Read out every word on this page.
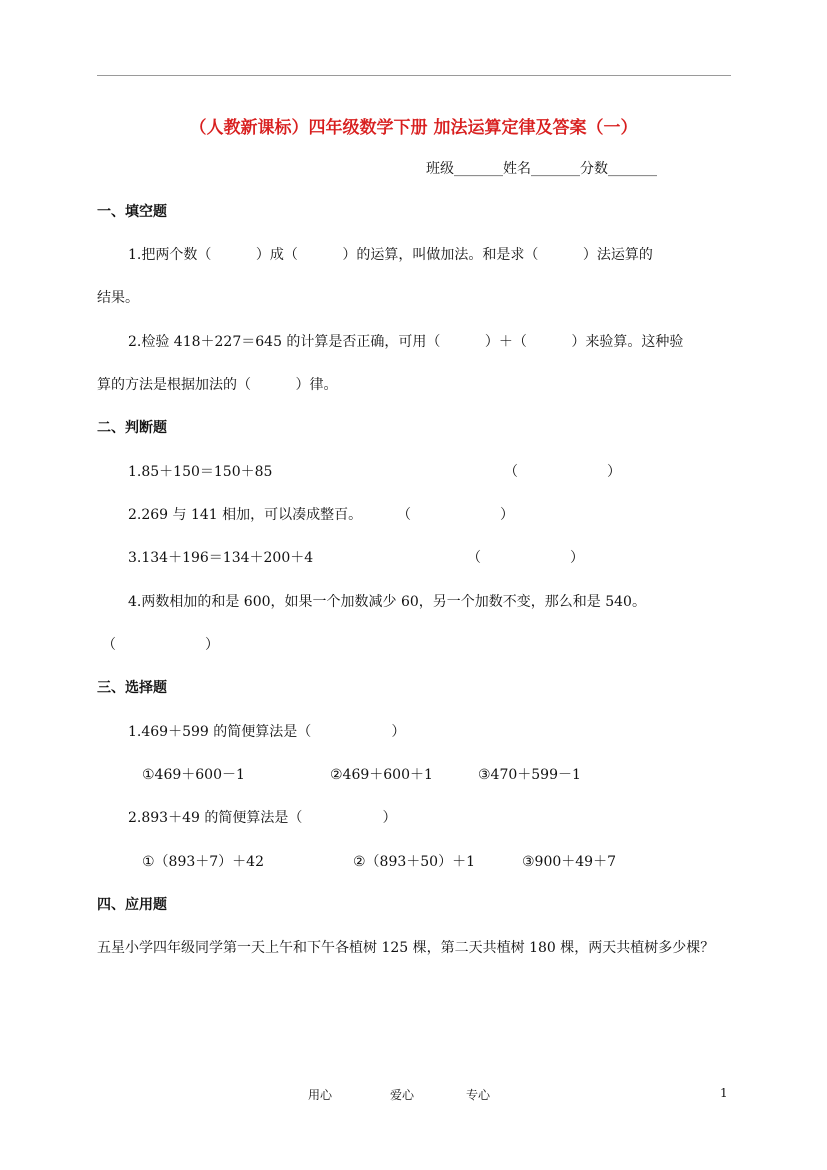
（人教新课标）四年级数学下册 加法运算定律及答案（一）
班级_______姓名_______分数_______
一、填空题
1.把两个数（          ）成（          ）的运算，叫做加法。和是求（          ）法运算的
结果。
2.检验 418＋227＝645 的计算是否正确，可用（          ）＋（          ）来验算。这种验
算的方法是根据加法的（          ）律。
二、判断题
1.85＋150＝150＋85	（                    ）
2.269 与 141 相加，可以凑成整百。 （                    ）
3.134＋196＝134＋200＋4	（                    ）
4.两数相加的和是 600，如果一个加数减少 60，另一个加数不变，那么和是 540。
（                    ）
三、选择题
1.469＋599 的简便算法是（                  ）
①469＋600－1	②469＋600＋1	③470＋599－1
2.893＋49 的简便算法是（                  ）
①（893＋7）＋42	②（893＋50）＋1	③900＋49＋7
四、应用题
五星小学四年级同学第一天上午和下午各植树 125 棵，第二天共植树 180 棵，两天共植树多少棵？
用心	爱心	专心	1
